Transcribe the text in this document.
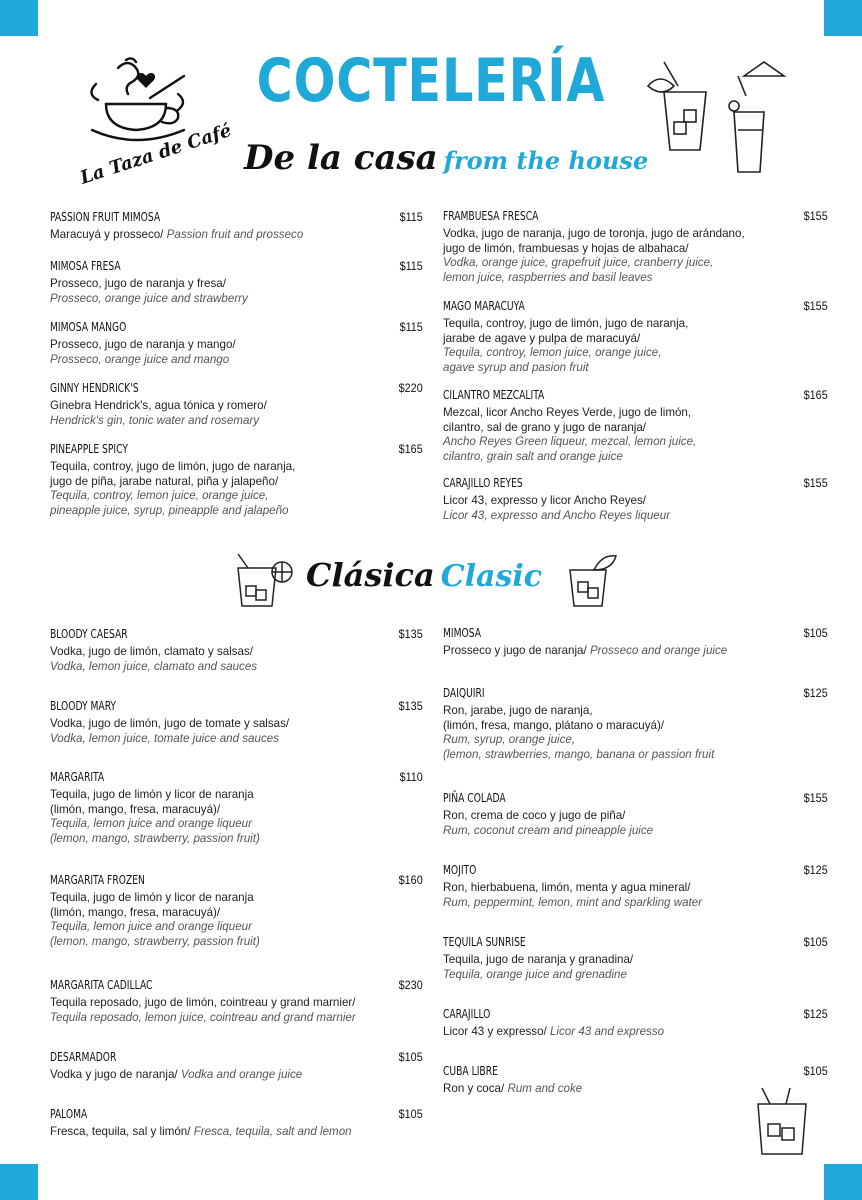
La Taza de Café
COCTELERÍA
De la casa from the house
Clásica Clasic
PASSION FRUIT MIMOSA	$115
Maracuyá y prosseco/ Passion fruit and prosseco
MIMOSA FRESA	$115
Prosseco, jugo de naranja y fresa/
Prosseco, orange juice and strawberry
MIMOSA MANGO	$115
Prosseco, jugo de naranja y mango/
Prosseco, orange juice and mango
GINNY HENDRICK'S	$220
Ginebra Hendrick's, agua tónica y romero/
Hendrick's gin, tonic water and rosemary
PINEAPPLE SPICY	$165
Tequila, controy, jugo de limón, jugo de naranja,
jugo de piña, jarabe natural, piña y jalapeño/
Tequila, controy, lemon juice, orange juice,
pineapple juice, syrup, pineapple and jalapeño
FRAMBUESA FRESCA	$155
Vodka, jugo de naranja, jugo de toronja, jugo de arándano,
jugo de limón, frambuesas y hojas de albahaca/
Vodka, orange juice, grapefruit juice, cranberry juice,
lemon juice, raspberries and basil leaves
MAGO MARACUYA	$155
Tequila, controy, jugo de limón, jugo de naranja,
jarabe de agave y pulpa de maracuyá/
Tequila, controy, lemon juice, orange juice,
agave syrup and pasion fruit
CILANTRO MEZCALITA	$165
Mezcal, licor Ancho Reyes Verde, jugo de limón,
cilantro, sal de grano y jugo de naranja/
Ancho Reyes Green liqueur, mezcal, lemon juice,
cilantro, grain salt and orange juice
CARAJILLO REYES	$155
Licor 43, expresso y licor Ancho Reyes/
Licor 43, expresso and Ancho Reyes liqueur
BLOODY CAESAR	$135
Vodka, jugo de limón, clamato y salsas/
Vodka, lemon juice, clamato and sauces
BLOODY MARY	$135
Vodka, jugo de limón, jugo de tomate y salsas/
Vodka, lemon juice, tomate juice and sauces
MARGARITA	$110
Tequila, jugo de limón y licor de naranja
(limón, mango, fresa, maracuyá)/
Tequila, lemon juice and orange liqueur
(lemon, mango, strawberry, passion fruit)
MARGARITA FROZEN	$160
Tequila, jugo de limón y licor de naranja
(limón, mango, fresa, maracuyá)/
Tequila, lemon juice and orange liqueur
(lemon, mango, strawberry, passion fruit)
MARGARITA CADILLAC	$230
Tequila reposado, jugo de limón, cointreau y grand marnier/
Tequila reposado, lemon juice, cointreau and grand marnier
DESARMADOR	$105
Vodka y jugo de naranja/ Vodka and orange juice
PALOMA	$105
Fresca, tequila, sal y limón/ Fresca, tequila, salt and lemon
MIMOSA	$105
Prosseco y jugo de naranja/ Prosseco and orange juice
DAIQUIRI	$125
Ron, jarabe, jugo de naranja,
(limón, fresa, mango, plátano o maracuyá)/
Rum, syrup, orange juice,
(lemon, strawberries, mango, banana or passion fruit
PIÑA COLADA	$155
Ron, crema de coco y jugo de piña/
Rum, coconut cream and pineapple juice
MOJITO	$125
Ron, hierbabuena, limón, menta y agua mineral/
Rum, peppermint, lemon, mint and sparkling water
TEQUILA SUNRISE	$105
Tequila, jugo de naranja y granadina/
Tequila, orange juice and grenadine
CARAJILLO	$125
Licor 43 y expresso/ Licor 43 and expresso
CUBA LIBRE	$105
Ron y coca/ Rum and coke
